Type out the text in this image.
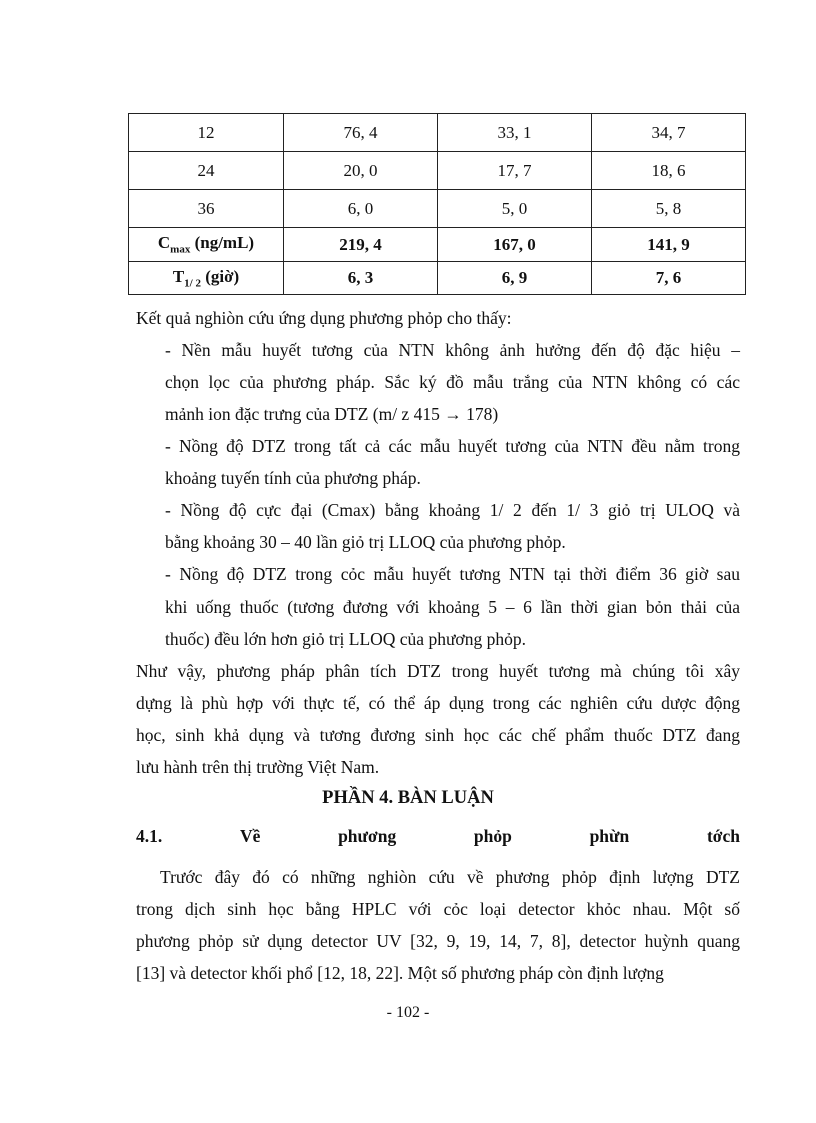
12	76, 4	33, 1	34, 7
24	20, 0	17, 7	18, 6
36	6, 0	5, 0	5, 8
$C_{max}$ (ng/mL)	219, 4	167, 0	141, 9
$T_{1/ 2}$ (giờ)	6, 3	6, 9	7, 6

Kết quả nghiòn cứu ứng dụng phương phỏp cho thấy:

- Nền mẫu huyết tương của NTN không ảnh hưởng đến độ đặc hiệu –

chọn lọc của phương pháp. Sắc ký đồ mẫu trắng của NTN không có các

mảnh ion đặc trưng của DTZ (m/ z 415 → 178)

- Nồng độ DTZ trong tất cả các mẫu huyết tương của NTN đều nằm trong

khoảng tuyến tính của phương pháp.

- Nồng độ cực đại (Cmax) bằng khoảng 1/ 2 đến 1/ 3 giỏ trị ULOQ và

bằng khoảng 30 – 40 lần giỏ trị LLOQ của phương phỏp.

- Nồng độ DTZ trong cỏc mẫu huyết tương NTN tại thời điểm 36 giờ sau

khi uống thuốc (tương đương với khoảng 5 – 6 lần thời gian bỏn thải của

thuốc) đều lớn hơn giỏ trị LLOQ của phương phỏp.

Như vậy, phương pháp phân tích DTZ trong huyết tương mà chúng tôi xây

dựng là phù hợp với thực tế, có thể áp dụng trong các nghiên cứu dược động

học, sinh khả dụng và tương đương sinh học các chế phẩm thuốc DTZ đang

lưu hành trên thị trường Việt Nam.

PHẦN 4. BÀN LUẬN
4.1.	Về	phương	phỏp	phừn	tớch

Trước đây đó có những nghiòn cứu về phương phỏp định lượng DTZ

trong dịch sinh học bằng HPLC với cỏc loại detector khỏc nhau. Một số

phương phỏp sử dụng detector UV [32, 9, 19, 14, 7, 8], detector huỳnh quang

[13] và detector khối phổ [12, 18, 22]. Một số phương pháp còn định lượng

- 102 -
